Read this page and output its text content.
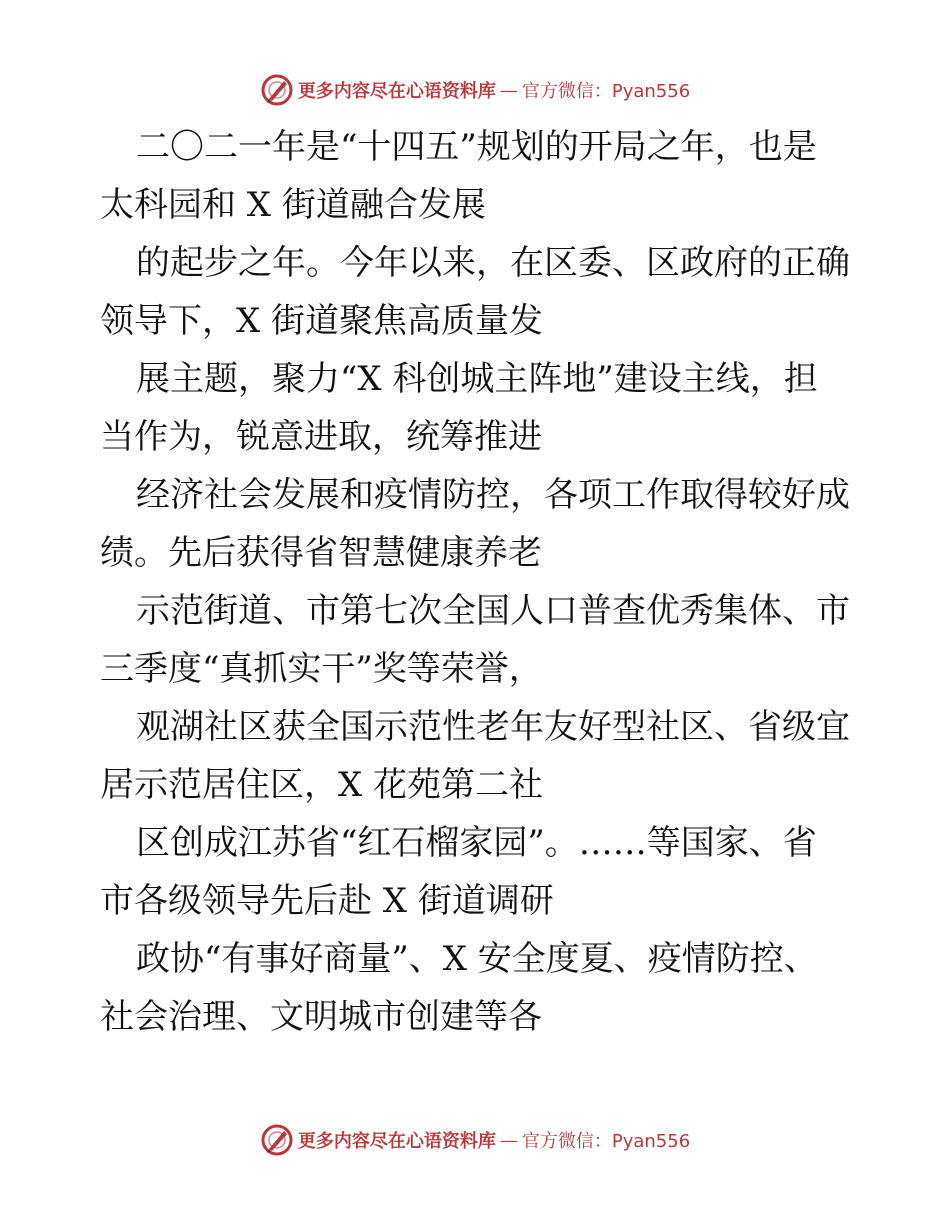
更多内容尽在心语资料库 — 官方微信：Pyan556
二〇二一年是“十四五”规划的开局之年，也是
太科园和 X 街道融合发展
的起步之年。今年以来，在区委、区政府的正确
领导下，X 街道聚焦高质量发
展主题，聚力“X 科创城主阵地”建设主线，担
当作为，锐意进取，统筹推进
经济社会发展和疫情防控，各项工作取得较好成
绩。先后获得省智慧健康养老
示范街道、市第七次全国人口普查优秀集体、市
三季度“真抓实干”奖等荣誉，
观湖社区获全国示范性老年友好型社区、省级宜
居示范居住区，X 花苑第二社
区创成江苏省“红石榴家园”。……等国家、省
市各级领导先后赴 X 街道调研
政协“有事好商量”、X 安全度夏、疫情防控、
社会治理、文明城市创建等各
更多内容尽在心语资料库 — 官方微信：Pyan556
